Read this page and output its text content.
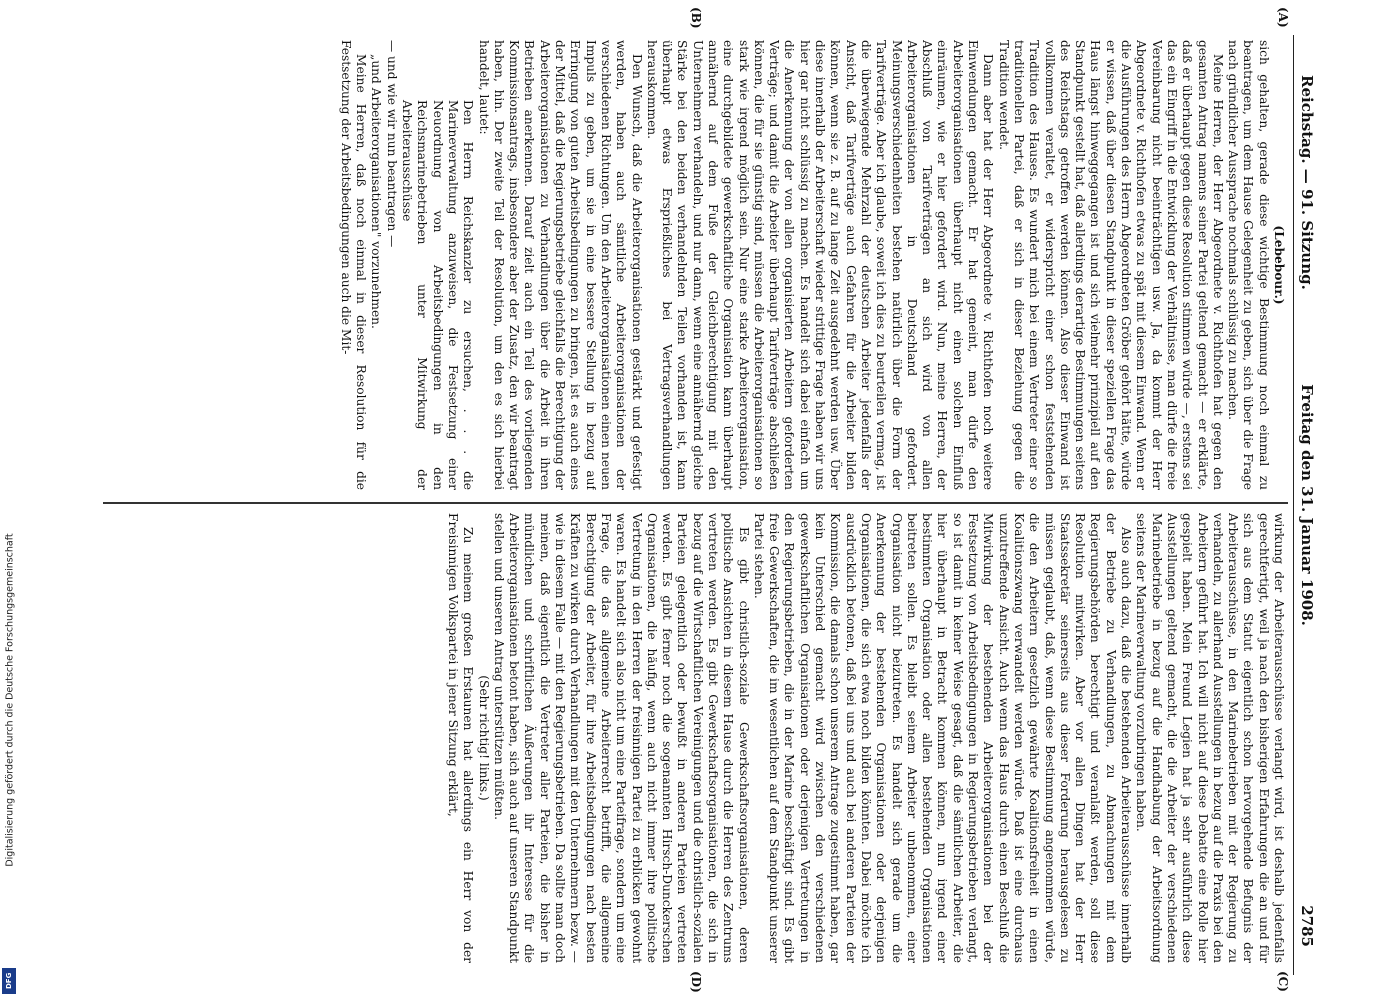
Digitalisierung gefördert durch die Deutsche Forschungsgemeinschaft
DFG
Reichstag. — 91. Sitzung.
Freitag den 31. Januar 1908.
2785
(A)
(B)
(C)
(D)

(Lebebour.)

sich gehalten, gerade diese wichtige Bestimmung noch einmal zu beantragen, um dem Hause Gelegenheit zu geben, sich über die Frage nach gründlicher Aussprache nochmals schlüssig zu machen.

Meine Herren, der Herr Abgeordnete v. Richthofen hat gegen den gesamten Antrag namens seiner Partei geltend gemacht — er erklärte, daß er überhaupt gegen diese Resolution stimmen würde —, erstens sei das ein Eingriff in die Entwicklung der Verhältnisse, man dürfe die freie Vereinbarung nicht beeinträchtigen usw. Ja, da kommt der Herr Abgeordnete v. Richthofen etwas zu spät mit diesem Einwand. Wenn er die Ausführungen des Herrn Abgeordneten Gröber gehört hätte, würde er wissen, daß über diesen Standpunkt in dieser speziellen Frage das Haus längst hinweggegangen ist und sich vielmehr prinzipiell auf den Standpunkt gestellt hat, daß allerdings derartige Bestimmungen seitens des Reichstags getroffen werden können. Also dieser Einwand ist vollkommen veraltet, er widerspricht einer schon feststehenden Tradition des Hauses. Es wundert mich bei einem Vertreter einer so traditionellen Partei, daß er sich in dieser Beziehung gegen die Tradition wendet.

Dann aber hat der Herr Abgeordnete v. Richthofen noch weitere Einwendungen gemacht. Er hat gemeint, man dürfe den Arbeiterorganisationen überhaupt nicht einen solchen Einfluß einräumen, wie er hier gefordert wird. Nun, meine Herren, der Abschluß von Tarifverträgen an sich wird von allen Arbeiterorganisationen in Deutschland gefordert. Meinungsverschiedenheiten bestehen natürlich über die Form der Tarifverträge. Aber ich glaube, soweit ich dies zu beurteilen vermag, ist die überwiegende Mehrzahl der deutschen Arbeiter jedenfalls der Ansicht, daß Tarifverträge auch Gefahren für die Arbeiter bilden können, wenn sie z. B. auf zu lange Zeit ausgedehnt werden usw. Über diese innerhalb der Arbeiterschaft wieder strittige Frage haben wir uns hier gar nicht schlüssig zu machen. Es handelt sich dabei einfach um die Anerkennung der von allen organisierten Arbeitern geforderten Verträge; und damit die Arbeiter überhaupt Tarifverträge abschließen können, die für sie günstig sind, müssen die Arbeiterorganisationen so stark wie irgend möglich sein. Nur eine starke Arbeiterorganisation, eine durchgebildete gewerkschaftliche Organisation kann überhaupt annähernd auf dem Fuße der Gleichberechtigung mit den Unternehmern verhandeln, und nur dann, wenn eine annähernd gleiche Stärke bei den beiden verhandelnden Teilen vorhanden ist, kann überhaupt etwas Ersprießliches bei Vertragsverhandlungen herauskommen.

Den Wunsch, daß die Arbeiterorganisationen gestärkt und gefestigt werden, haben auch sämtliche Arbeiterorganisationen der verschiedenen Richtungen. Um den Arbeiterorganisationen einen neuen Impuls zu geben, um sie in eine bessere Stellung in bezug auf Erringung von guten Arbeitsbedingungen zu bringen, ist es auch eines der Mittel, daß die Regierungsbetriebe gleichfalls die Berechtigung der Arbeiterorganisationen zu Verhandlungen über die Arbeit in ihren Betrieben anerkennen. Darauf zielt auch ein Teil des vorliegenden Kommissionsantrags, insbesondere aber der Zusatz, den wir beantragt haben, hin. Der zweite Teil der Resolution, um den es sich hierbei handelt, lautet:

Den Herrn Reichskanzler zu ersuchen, . . . die Marineverwaltung anzuweisen, die Festsetzung einer Neuordnung von Arbeitsbedingungen in den Reichsmarinebetrieben unter Mitwirkung der Arbeiterausschüsse

— und wie wir nun beantragen —

„und Arbeiterorganisationen" vorzunehmen.

Meine Herren, daß noch einmal in dieser Resolution für die Festsetzung der Arbeitsbedingungen auch die Mit-

wirkung der Arbeiterausschüsse verlangt wird, ist deshalb jedenfalls gerechtfertigt, weil ja nach den bisherigen Erfahrungen die an und für sich aus dem Statut eigentlich schon hervorgehende Befugnis der Arbeiterausschüsse, in den Marinebetrieben mit der Regierung zu verhandeln, zu allerhand Ausstellungen in bezug auf die Praxis bei den Arbeitern geführt hat. Ich will nicht auf diese Debatte eine Rolle hier gespielt haben. Mein Freund Legien hat ja sehr ausführlich diese Ausstellungen geltend gemacht, die die Arbeiter der verschiedenen Marinebetriebe in bezug auf die Handhabung der Arbeitsordnung seitens der Marineverwaltung vorzubringen haben.

Also auch dazu, daß die bestehenden Arbeiterausschüsse innerhalb der Betriebe zu Verhandlungen, zu Abmachungen mit dem Regierungsbehörden berechtigt und veranlaßt werden, soll diese Resolution mitwirken. Aber vor allen Dingen hat der Herr Staatssekretär seinerseits aus dieser Forderung herausgelesen zu müssen geglaubt, daß, wenn diese Bestimmung angenommen würde, die den Arbeitern gesetzlich gewährte Koalitionsfreiheit in einen Koalitionszwang verwandelt werden würde. Daß ist eine durchaus unzutreffende Ansicht. Auch wenn das Haus durch einen Beschluß die Mitwirkung der bestehenden Arbeiterorganisationen bei der Festsetzung von Arbeitsbedingungen in Regierungsbetrieben verlangt, so ist damit in keiner Weise gesagt, daß die sämtlichen Arbeiter, die hier überhaupt in Betracht kommen können, nun irgend einer bestimmten Organisation oder allen bestehenden Organisationen beitreten sollen. Es bleibt seinem Arbeiter unbenommen, einer Organisation nicht beizutreten. Es handelt sich gerade um die Anerkennung der bestehenden Organisationen oder derjenigen Organisationen, die sich etwa noch bilden könnten. Dabei möchte ich ausdrücklich betonen, daß bei uns und auch bei anderen Parteien der Kommission, die damals schon unserem Antrage zugestimmt haben, gar kein Unterschied gemacht wird zwischen den verschiedenen gewerkschaftlichen Organisationen oder derjenigen Vertretungen in den Regierungsbetrieben, die in der Marine beschäftigt sind. Es gibt freie Gewerkschaften, die im wesentlichen auf dem Standpunkt unserer Partei stehen.

Es gibt christlich-soziale Gewerkschaftsorganisationen, deren politische Ansichten in diesem Hause durch die Herren des Zentrums vertreten werden. Es gibt Gewerkschaftsorganisationen, die sich in bezug auf die Wirtschaftlichen Vereinigungen und die christlich-sozialen Parteien gelegentlich oder bewußt in anderen Parteien vertreten werden. Es gibt ferner noch die sogenannten Hirsch-Dunckerschen Organisationen, die häufig, wenn auch nicht immer ihre politische Vertretung in den Herren der freisinnigen Partei zu erblicken gewohnt waren. Es handelt sich also nicht um eine Parteifrage, sondern um eine Frage, die das allgemeine Arbeiterrecht betrifft, die allgemeine Berechtigung der Arbeiter, für ihre Arbeitsbedingungen nach besten Kräften zu wirken durch Verhandlungen mit den Unternehmern bezw. — wie in diesem Falle — mit den Regierungsbetrieben. Da sollte man doch meinen, daß eigentlich die Vertreter aller Parteien, die bisher in mündlichen und schriftlichen Äußerungen ihr Interesse für die Arbeiterorganisationen betont haben, sich auch auf unseren Standpunkt stellen und unseren Antrag unterstützen müßten.

(Sehr richtig! links.)

Zu meinem großen Erstaunen hat allerdings ein Herr von der Freisinnigen Volkspartei in jener Sitzung erklärt,
